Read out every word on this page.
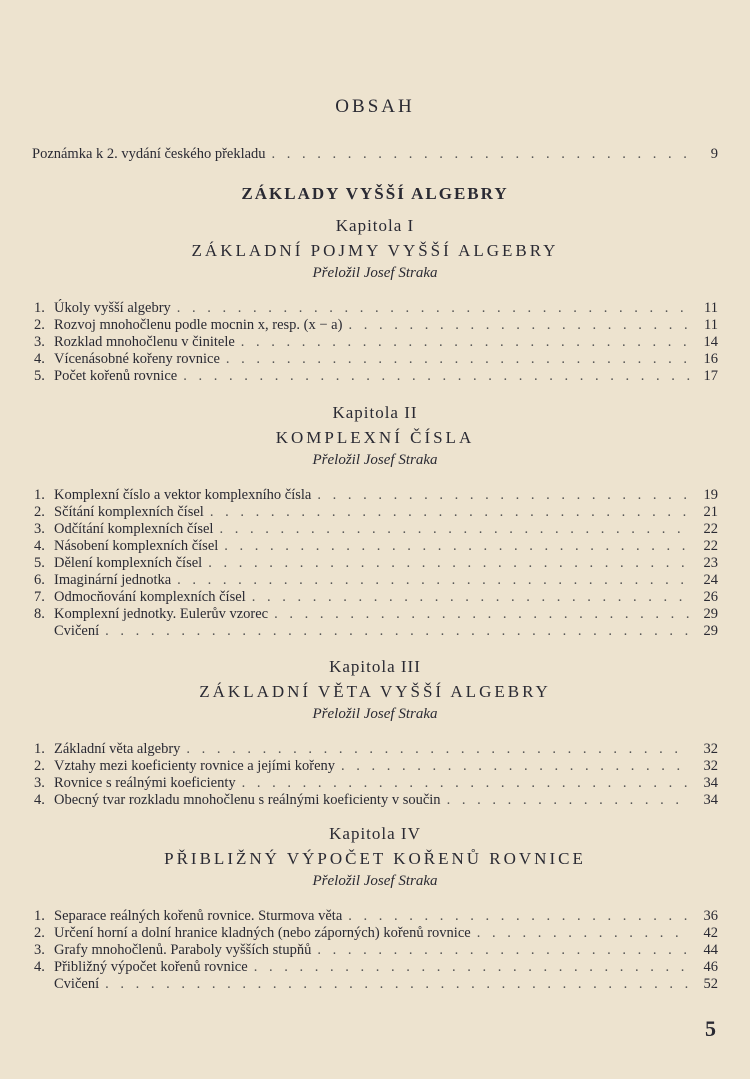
OBSAH
Poznámka k 2. vydání českého překladu . . .	9
ZÁKLADY VYŠŠÍ ALGEBRY
Kapitola I
ZÁKLADNÍ POJMY VYŠŠÍ ALGEBRY
Přeložil Josef Straka
1. Úkoly vyšší algebry . . .	11
2. Rozvoj mnohočlenu podle mocnin x, resp. (x − a) . . .	11
3. Rozklad mnohočlenu v činitele . . .	14
4. Vícenásobné kořeny rovnice . . .	16
5. Počet kořenů rovnice . . .	17
Kapitola II
KOMPLEXNÍ ČÍSLA
Přeložil Josef Straka
1. Komplexní číslo a vektor komplexního čísla . . .	19
2. Sčítání komplexních čísel . . .	21
3. Odčítání komplexních čísel . . .	22
4. Násobení komplexních čísel . . .	22
5. Dělení komplexních čísel . . .	23
6. Imaginární jednotka . . .	24
7. Odmocňování komplexních čísel . . .	26
8. Komplexní jednotky. Eulerův vzorec . . .	29
Cvičení . . .	29
Kapitola III
ZÁKLADNÍ VĚTA VYŠŠÍ ALGEBRY
Přeložil Josef Straka
1. Základní věta algebry . . .	32
2. Vztahy mezi koeficienty rovnice a jejími kořeny . . .	32
3. Rovnice s reálnými koeficienty . . .	34
4. Obecný tvar rozkladu mnohočlenu s reálnými koeficienty v součin . . .	34
Kapitola IV
PŘIBLIŽNÝ VÝPOČET KOŘENŮ ROVNICE
Přeložil Josef Straka
1. Separace reálných kořenů rovnice. Sturmova věta . . .	36
2. Určení horní a dolní hranice kladných (nebo záporných) kořenů rovnice . . .	42
3. Grafy mnohočlenů. Paraboly vyšších stupňů . . .	44
4. Přibližný výpočet kořenů rovnice . . .	46
Cvičení . . .	52
5
